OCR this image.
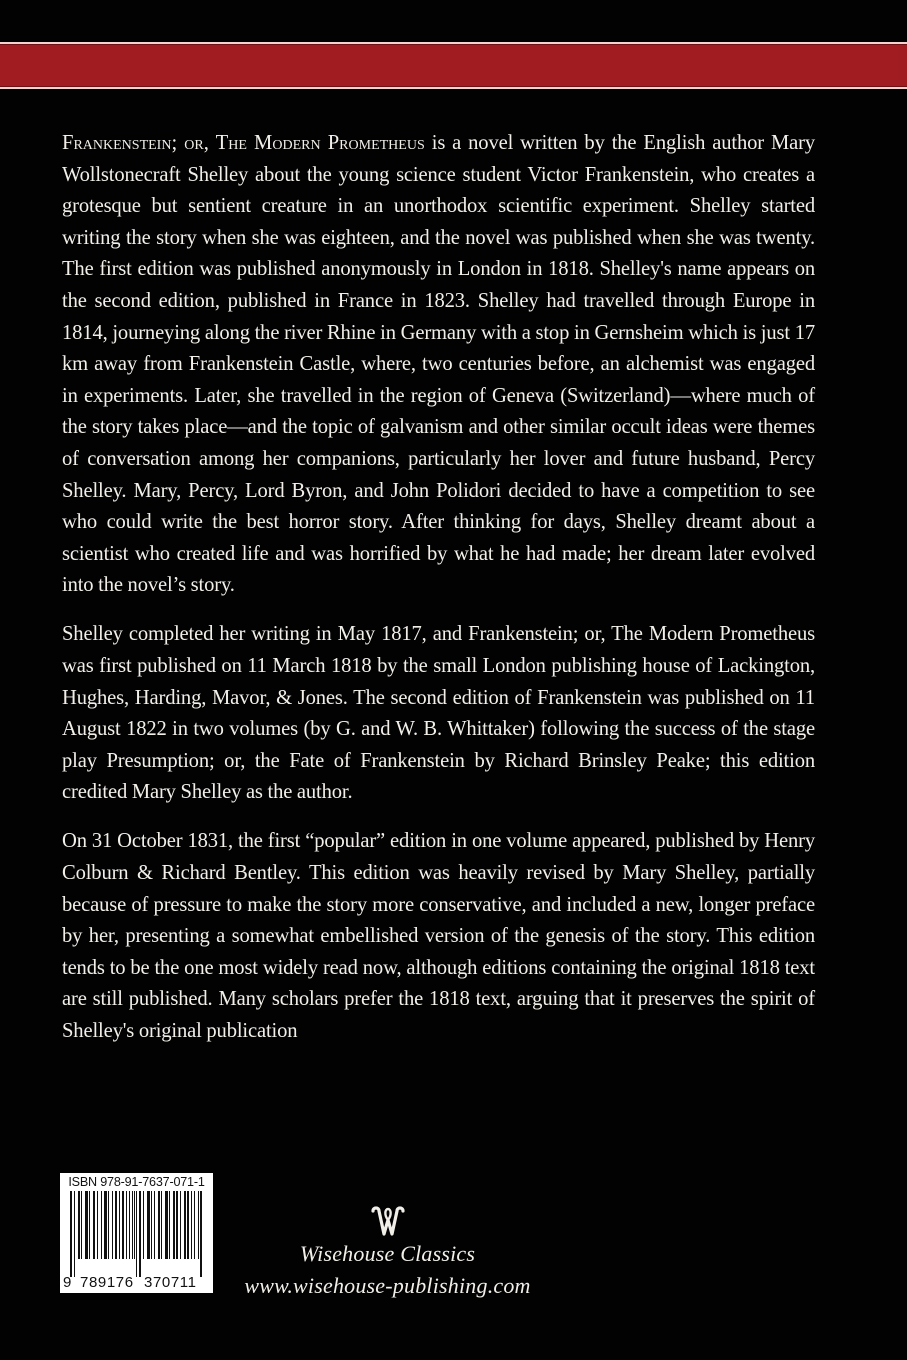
Frankenstein; or, The Modern Prometheus is a novel written by the English author Mary Wollstonecraft Shelley about the young science student Victor Frankenstein, who creates a grotesque but sentient creature in an unorthodox scientific experiment. Shelley started writing the story when she was eighteen, and the novel was published when she was twenty. The first edition was published anonymously in London in 1818. Shelley's name appears on the second edition, published in France in 1823. Shelley had travelled through Europe in 1814, journeying along the river Rhine in Germany with a stop in Gernsheim which is just 17 km away from Frankenstein Castle, where, two centuries before, an alchemist was engaged in experiments. Later, she travelled in the region of Geneva (Switzerland)—where much of the story takes place—and the topic of galvanism and other similar occult ideas were themes of conversation among her companions, particularly her lover and future husband, Percy Shelley. Mary, Percy, Lord Byron, and John Polidori decided to have a competition to see who could write the best horror story. After thinking for days, Shelley dreamt about a scientist who created life and was horrified by what he had made; her dream later evolved into the novel’s story.

Shelley completed her writing in May 1817, and Frankenstein; or, The Modern Prometheus was first published on 11 March 1818 by the small London publishing house of Lackington, Hughes, Harding, Mavor, & Jones. The second edition of Frankenstein was published on 11 August 1822 in two volumes (by G. and W. B. Whittaker) following the success of the stage play Presumption; or, the Fate of Frankenstein by Richard Brinsley Peake; this edition credited Mary Shelley as the author.

On 31 October 1831, the first “popular” edition in one volume appeared, published by Henry Colburn & Richard Bentley. This edition was heavily revised by Mary Shelley, partially because of pressure to make the story more conservative, and included a new, longer preface by her, presenting a somewhat embellished version of the genesis of the story. This edition tends to be the one most widely read now, although editions containing the original 1818 text are still published. Many scholars prefer the 1818 text, arguing that it preserves the spirit of Shelley's original publication

ISBN 978-91-7637-071-1
9 789176 370711
Wisehouse Classics
www.wisehouse-publishing.com
